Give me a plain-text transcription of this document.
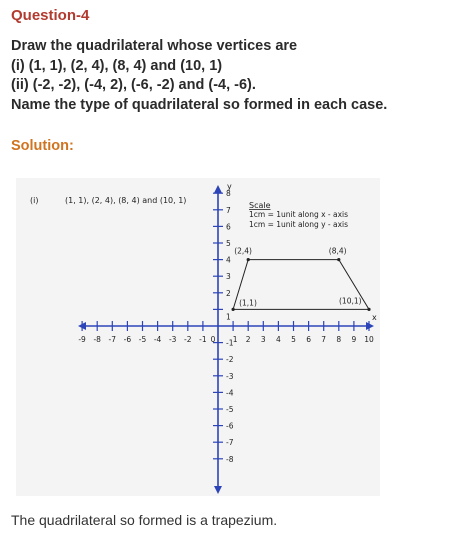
Question-4
Draw the quadrilateral whose vertices are
(i) (1, 1), (2, 4), (8, 4) and (10, 1)
(ii) (-2, -2), (-4, 2), (-6, -2) and (-4, -6).
Name the type of quadrilateral so formed in each case.
Solution:
(i)	(1, 1), (2, 4), (8, 4) and (10, 1)
Scale
1cm = 1unit along x - axis
1cm = 1unit along y - axis
x
y
-9 -8 -7 -6 -5 -4 -3 -2 -1	1 2 3 4 5 6 7 8 9 10
0
1
2
3
4
5
6
7
8
-1
-2
-3
-4
-5
-6
-7
-8
(1,1)
(2,4)	(8,4)
(10,1)
The quadrilateral so formed is a trapezium.
